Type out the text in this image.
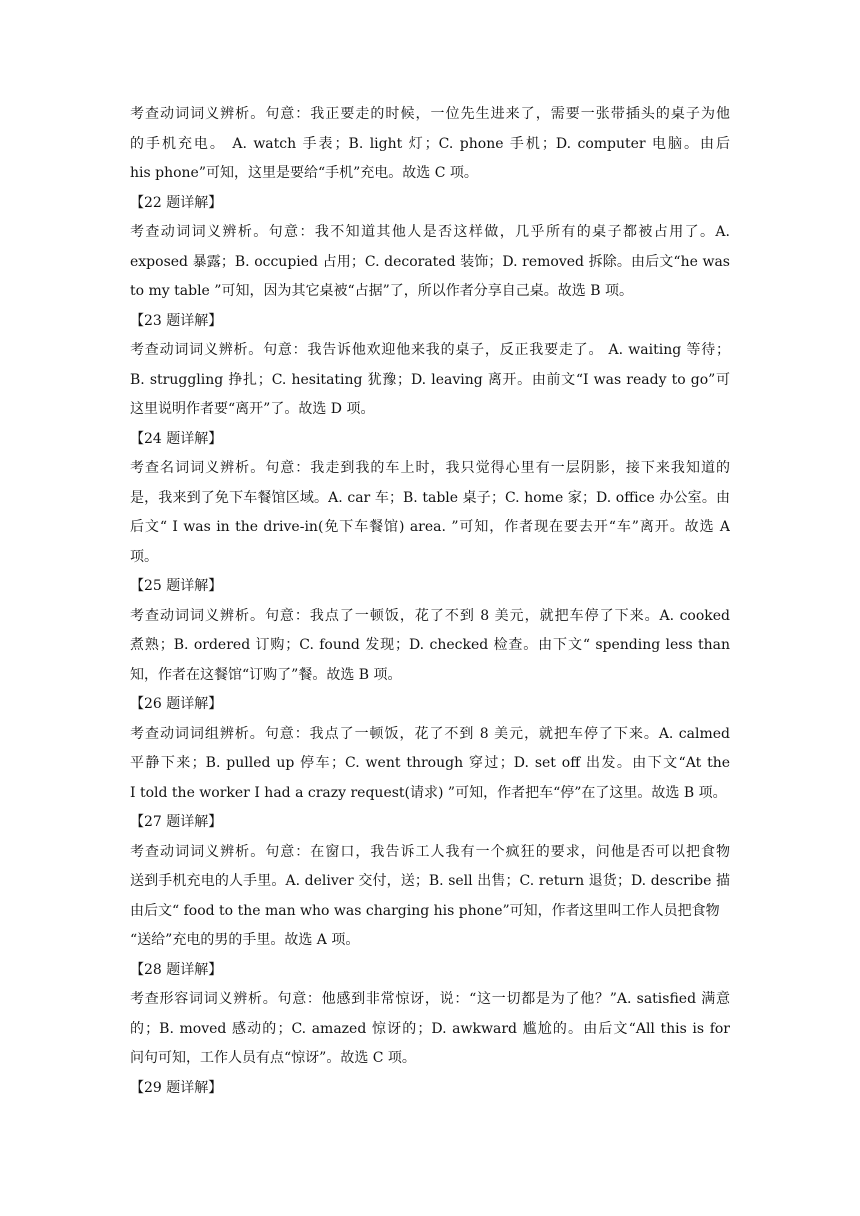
考查动词词义辨析。句意：我正要走的时候，一位先生进来了，需要一张带插头的桌子为他
的手机充电。 A. watch 手表；B. light 灯；C. phone 手机；D. computer 电脑。由后
his phone”可知，这里是要给“手机”充电。故选 C 项。
【22 题详解】
考查动词词义辨析。句意：我不知道其他人是否这样做，几乎所有的桌子都被占用了。A.
exposed 暴露；B. occupied 占用；C. decorated 装饰；D. removed 拆除。由后文“he was
to my table ”可知，因为其它桌被“占据”了，所以作者分享自己桌。故选 B 项。
【23 题详解】
考查动词词义辨析。句意：我告诉他欢迎他来我的桌子，反正我要走了。 A. waiting 等待；
B. struggling 挣扎；C. hesitating 犹豫；D. leaving 离开。由前文“I was ready to go”可
这里说明作者要“离开”了。故选 D 项。
【24 题详解】
考查名词词义辨析。句意：我走到我的车上时，我只觉得心里有一层阴影，接下来我知道的
是，我来到了免下车餐馆区域。A. car 车；B. table 桌子；C. home 家；D. office 办公室。由
后文“ I was in the drive-in(免下车餐馆) area. ”可知，作者现在要去开“车”离开。故选 A
项。
【25 题详解】
考查动词词义辨析。句意：我点了一顿饭，花了不到 8 美元，就把车停了下来。A. cooked
煮熟；B. ordered 订购；C. found 发现；D. checked 检查。由下文“ spending less than
知，作者在这餐馆“订购了”餐。故选 B 项。
【26 题详解】
考查动词词组辨析。句意：我点了一顿饭，花了不到 8 美元，就把车停了下来。A. calmed
平静下来；B. pulled up 停车；C. went through 穿过；D. set off 出发。由下文“At the
I told the worker I had a crazy request(请求) ”可知，作者把车“停”在了这里。故选 B 项。
【27 题详解】
考查动词词义辨析。句意：在窗口，我告诉工人我有一个疯狂的要求，问他是否可以把食物
送到手机充电的人手里。A. deliver 交付，送；B. sell 出售；C. return 退货；D. describe 描
由后文“ food to the man who was charging his phone”可知，作者这里叫工作人员把食物
“送给”充电的男的手里。故选 A 项。
【28 题详解】
考查形容词词义辨析。句意：他感到非常惊讶，说：“这一切都是为了他？”A. satisfied 满意
的；B. moved 感动的；C. amazed 惊讶的；D. awkward 尴尬的。由后文“All this is for
问句可知，工作人员有点“惊讶”。故选 C 项。
【29 题详解】
